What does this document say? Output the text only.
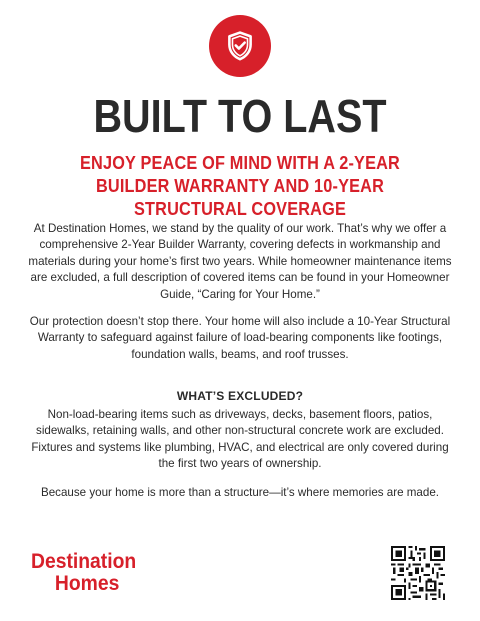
BUILT TO LAST
ENJOY PEACE OF MIND WITH A 2-YEAR BUILDER WARRANTY AND 10-YEAR STRUCTURAL COVERAGE
At Destination Homes, we stand by the quality of our work. That’s why we offer a comprehensive 2-Year Builder Warranty, covering defects in workmanship and materials during your home’s first two years. While homeowner maintenance items are excluded, a full description of covered items can be found in your Homeowner Guide, “Caring for Your Home.”
Our protection doesn’t stop there. Your home will also include a 10-Year Structural Warranty to safeguard against failure of load-bearing components like footings, foundation walls, beams, and roof trusses.
WHAT’S EXCLUDED?
Non-load-bearing items such as driveways, decks, basement floors, patios, sidewalks, retaining walls, and other non-structural concrete work are excluded. Fixtures and systems like plumbing, HVAC, and electrical are only covered during the first two years of ownership.
Because your home is more than a structure—it’s where memories are made.
Destination
Homes
